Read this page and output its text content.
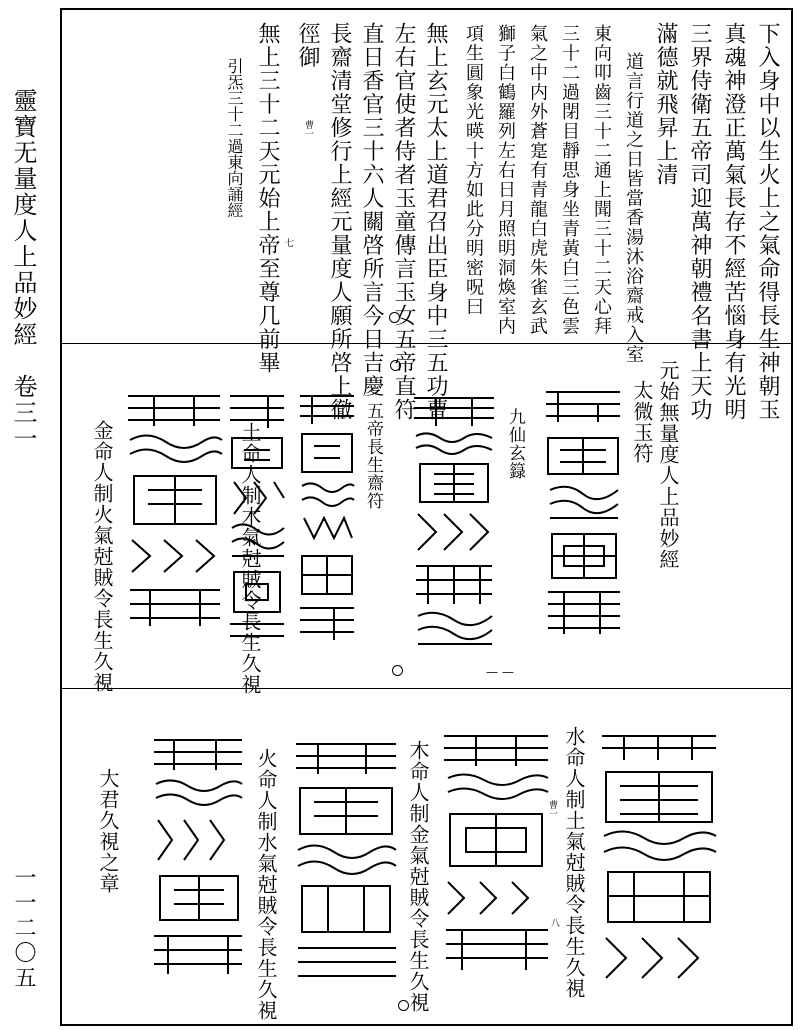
靈寶无量度人上品妙經　卷三一
一一二〇五
下入身中以生火上之氣命得長生神朝玉
真魂神澄正萬氣長存不經苦惱身有光明
三界侍衛五帝司迎萬神朝禮名書上天功
滿德就飛昇上清
道言行道之日皆當香湯沐浴齋戒入室
東向叩齒三十二通上聞三十二天心拜
三十二過閉目靜思身坐青黃白三色雲
氣之中内外蒼寔有青龍白虎朱雀玄武
獅子白鶴羅列左右日月照明洞煥室内
項生圓象光暎十方如此分明密呪曰
無上玄元太上道君召出臣身中三五功曹
左右官使者侍者玉童傳言玉女五帝直符
直日香官三十六人關啓所言今日吉慶
長齋清堂修行上經元量度人願所啓上徹
徑御
無上三十二天元始上帝至尊几前畢
引炁三十二過東向誦經	曹一
七
元始無量度人上品妙經
太微玉符
九仙玄籙
五帝長生齋符
土命人制木氣尅賊令長生久視
金命人制火氣尅賊令長生久視	— —
水命人制土氣尅賊令長生久視
曹一
八
木命人制金氣尅賊令長生久視
火命人制水氣尅賊令長生久視
大君久視之章
